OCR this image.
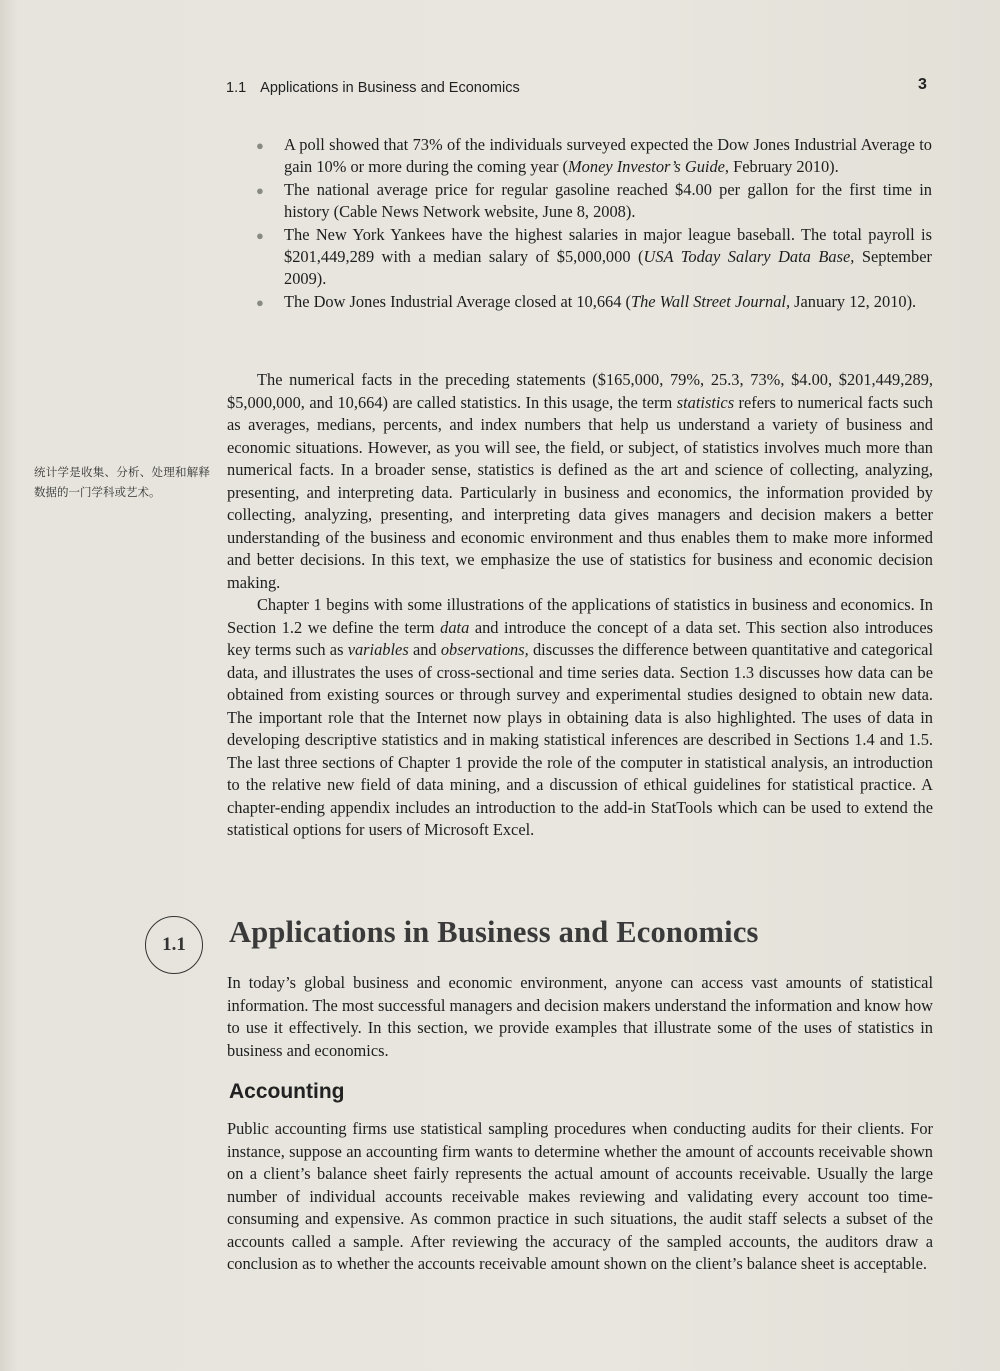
1.1 Applications in Business and Economics	3
● A poll showed that 73% of the individuals surveyed expected the Dow Jones Industrial Average to gain 10% or more during the coming year (Money Investor’s Guide, February 2010).
● The national average price for regular gasoline reached $4.00 per gallon for the first time in history (Cable News Network website, June 8, 2008).
● The New York Yankees have the highest salaries in major league baseball. The total payroll is $201,449,289 with a median salary of $5,000,000 (USA Today Salary Data Base, September 2009).
● The Dow Jones Industrial Average closed at 10,664 (The Wall Street Journal, January 12, 2010).

The numerical facts in the preceding statements ($165,000, 79%, 25.3, 73%, $4.00, $201,449,289, $5,000,000, and 10,664) are called statistics. In this usage, the term statistics refers to numerical facts such as averages, medians, percents, and index numbers that help us understand a variety of business and economic situations. However, as you will see, the field, or subject, of statistics involves much more than numerical facts. In a broader sense, statistics is defined as the art and science of collecting, analyzing, presenting, and interpreting data. Particularly in business and economics, the information provided by collecting, analyzing, presenting, and interpreting data gives managers and decision makers a better understanding of the business and economic environment and thus enables them to make more informed and better decisions. In this text, we emphasize the use of statistics for business and economic decision making.

Chapter 1 begins with some illustrations of the applications of statistics in business and economics. In Section 1.2 we define the term data and introduce the concept of a data set. This section also introduces key terms such as variables and observations, discusses the difference between quantitative and categorical data, and illustrates the uses of cross-sectional and time series data. Section 1.3 discusses how data can be obtained from existing sources or through survey and experimental studies designed to obtain new data. The important role that the Internet now plays in obtaining data is also highlighted. The uses of data in developing descriptive statistics and in making statistical inferences are described in Sections 1.4 and 1.5. The last three sections of Chapter 1 provide the role of the computer in statistical analysis, an introduction to the relative new field of data mining, and a discussion of ethical guidelines for statistical practice. A chapter-ending appendix includes an introduction to the add-in StatTools which can be used to extend the statistical options for users of Microsoft Excel.

统计学是收集、分析、处理和解释数据的一门学科或艺术。
1.1	Applications in Business and Economics

In today’s global business and economic environment, anyone can access vast amounts of statistical information. The most successful managers and decision makers understand the information and know how to use it effectively. In this section, we provide examples that illustrate some of the uses of statistics in business and economics.

Accounting

Public accounting firms use statistical sampling procedures when conducting audits for their clients. For instance, suppose an accounting firm wants to determine whether the amount of accounts receivable shown on a client’s balance sheet fairly represents the actual amount of accounts receivable. Usually the large number of individual accounts receivable makes reviewing and validating every account too time-consuming and expensive. As common practice in such situations, the audit staff selects a subset of the accounts called a sample. After reviewing the accuracy of the sampled accounts, the auditors draw a conclusion as to whether the accounts receivable amount shown on the client’s balance sheet is acceptable.
